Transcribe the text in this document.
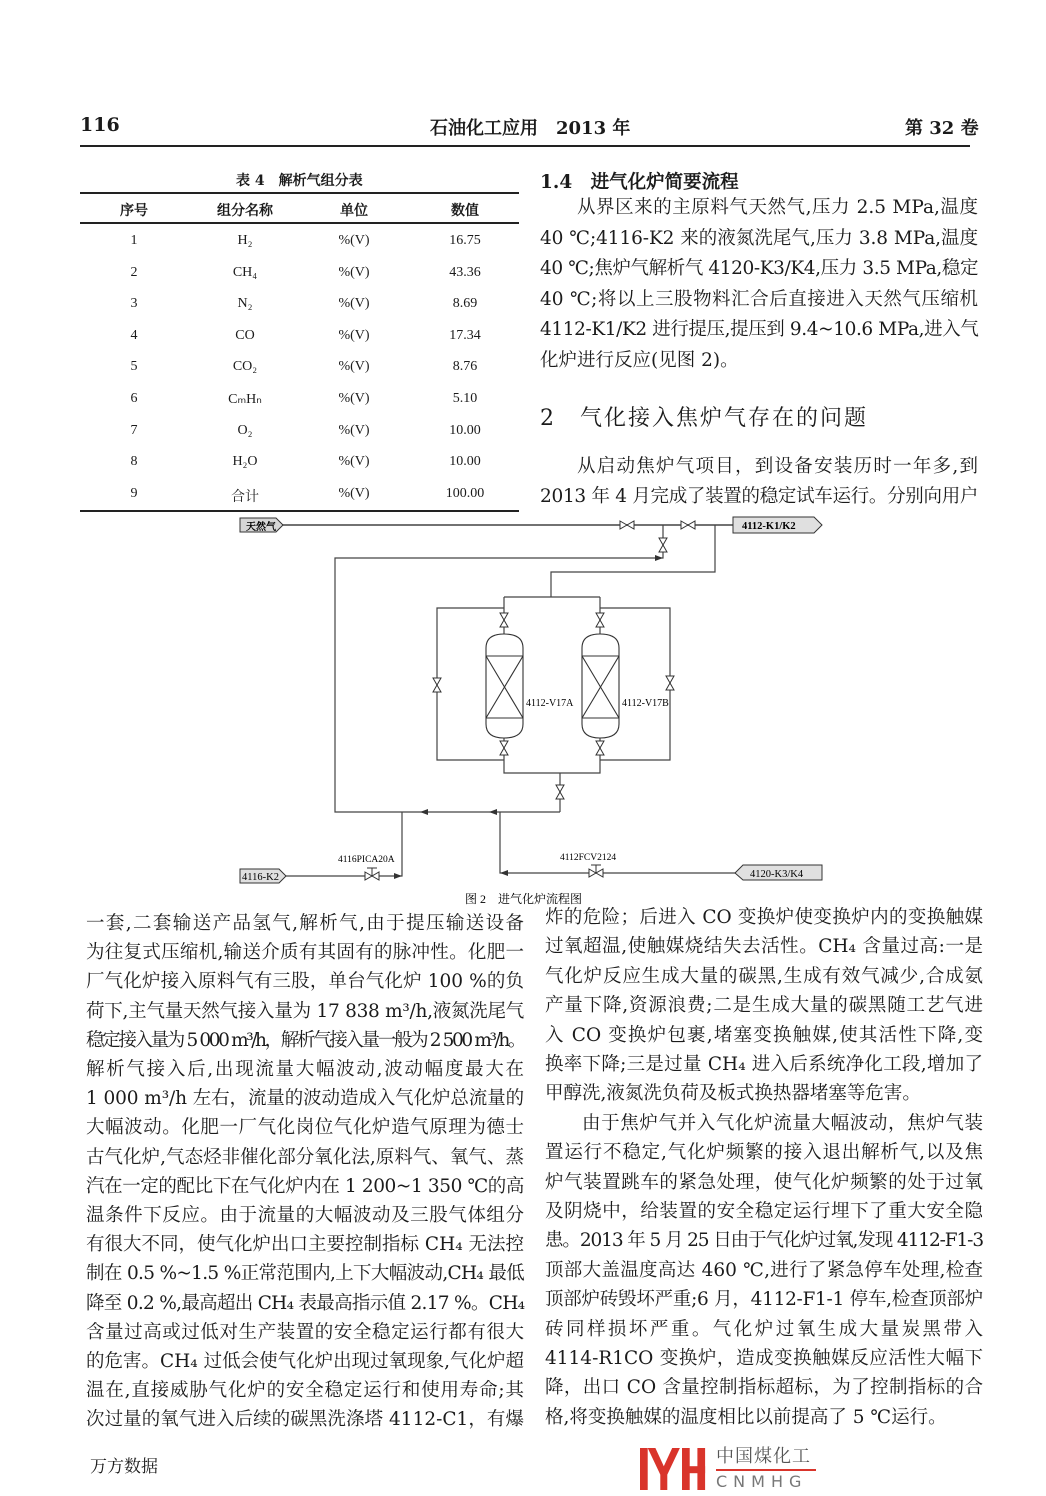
116	石油化工应用　2013 年	第 32 卷
表 4　解析气组分表
序号	组分名称	单位	数值
1	H₂	%(V)	16.75
2	CH₄	%(V)	43.36
3	N₂	%(V)	8.69
4	CO	%(V)	17.34
5	CO₂	%(V)	8.76
6	CₘHₙ	%(V)	5.10
7	O₂	%(V)	10.00
8	H₂O	%(V)	10.00
9	合计	%(V)	100.00
1.4　进气化炉简要流程
2　气化接入焦炉气存在的问题
从界区来的主原料气天然气,压力 2.5 MPa,温度
40 ℃;4116-K2 来的液氮洗尾气,压力 3.8 MPa,温度
40 ℃;焦炉气解析气 4120-K3/K4,压力 3.5 MPa,稳定
40 ℃;将以上三股物料汇合后直接进入天然气压缩机
4112-K1/K2 进行提压,提压到 9.4~10.6 MPa,进入气
化炉进行反应(见图 2)。
从启动焦炉气项目，到设备安装历时一年多,到
2013 年 4 月完成了装置的稳定试车运行。分别向用户
一套,二套输送产品氢气,解析气,由于提压输送设备
为往复式压缩机,输送介质有其固有的脉冲性。化肥一
厂气化炉接入原料气有三股，单台气化炉 100 %的负
荷下,主气量天然气接入量为 17 838 m³/h,液氮洗尾气
稳定接入量为 5 000 m³/h，解析气接入量一般为 2 500 m³/h。
解析气接入后,出现流量大幅波动,波动幅度最大在
1 000 m³/h 左右，流量的波动造成入气化炉总流量的
大幅波动。化肥一厂气化岗位气化炉造气原理为德士
古气化炉,气态烃非催化部分氧化法,原料气、氧气、蒸
汽在一定的配比下在气化炉内在 1 200~1 350 ℃的高
温条件下反应。由于流量的大幅波动及三股气体组分
有很大不同，使气化炉出口主要控制指标 CH₄ 无法控
制在 0.5 %~1.5 %正常范围内,上下大幅波动,CH₄ 最低
降至 0.2 %,最高超出 CH₄ 表最高指示值 2.17 %。CH₄
含量过高或过低对生产装置的安全稳定运行都有很大
的危害。CH₄ 过低会使气化炉出现过氧现象,气化炉超
温在,直接威胁气化炉的安全稳定运行和使用寿命;其
次过量的氧气进入后续的碳黑洗涤塔 4112-C1，有爆
炸的危险；后进入 CO 变换炉使变换炉内的变换触媒
过氧超温,使触媒烧结失去活性。CH₄ 含量过高:一是
气化炉反应生成大量的碳黑,生成有效气减少,合成氨
产量下降,资源浪费;二是生成大量的碳黑随工艺气进
入 CO 变换炉包裹,堵塞变换触媒,使其活性下降,变
换率下降;三是过量 CH₄ 进入后系统净化工段,增加了
甲醇洗,液氮洗负荷及板式换热器堵塞等危害。
由于焦炉气并入气化炉流量大幅波动，焦炉气装
置运行不稳定,气化炉频繁的接入退出解析气,以及焦
炉气装置跳车的紧急处理，使气化炉频繁的处于过氧
及阴烧中，给装置的安全稳定运行埋下了重大安全隐
患。2013 年 5 月 25 日由于气化炉过氧,发现 4112-F1-3
顶部大盖温度高达 460 ℃,进行了紧急停车处理,检查
顶部炉砖毁坏严重;6 月，4112-F1-1 停车,检查顶部炉
砖同样损坏严重。气化炉过氧生成大量炭黑带入
4114-R1CO 变换炉，造成变换触媒反应活性大幅下
降，出口 CO 含量控制指标超标，为了控制指标的合
格,将变换触媒的温度相比以前提高了 5 ℃运行。
天然气	4112-K1/K2
4116-K2	4120-K3/K4
4112-V17A	4112-V17B
4116PICA20A	4112FCV2124
图 2　进气化炉流程图
中国煤化工
CNMHG
万方数据
